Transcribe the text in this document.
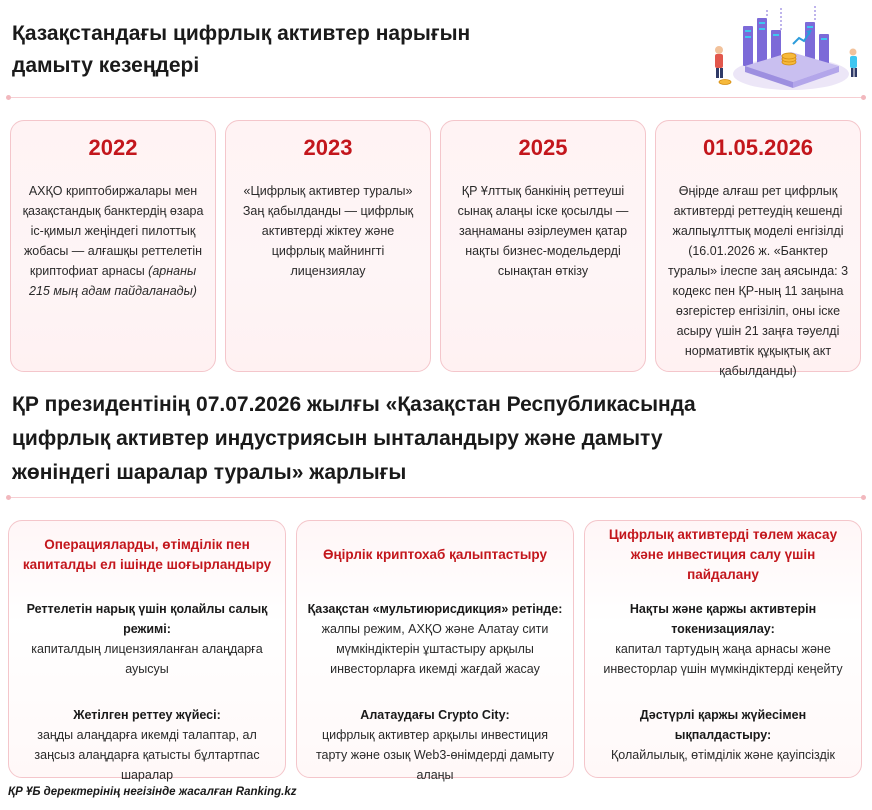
Қазақстандағы цифрлық активтер нарығын
дамыту кезеңдері
2022
АХҚО криптобиржалары мен қазақстандық банктердің өзара іс-қимыл жеңіндегі пилоттық жобасы — алғашқы реттелетін криптофиат арнасы (арнаны 215 мың адам пайдаланады)
2023
«Цифрлық активтер туралы» Заң қабылданды — цифрлық активтерді жіктеу және цифрлық майнингті лицензиялау
2025
ҚР Ұлттық банкінің реттеуші сынақ алаңы іске қосылды — заңнаманы әзірлеумен қатар нақты бизнес-модельдерді сынақтан өткізу
01.05.2026
Өңірде алғаш рет цифрлық активтерді реттеудің кешенді жалпыұлттық моделі енгізілді (16.01.2026 ж. «Банктер туралы» ілеспе заң аясында: 3 кодекс пен ҚР-ның 11 заңына өзгерістер енгізіліп, оны іске асыру үшін 21 заңға тәуелді нормативтік құқықтық акт қабылданды)
ҚР президентінің 07.07.2026 жылғы «Қазақстан Республикасында
цифрлық активтер индустриясын ынталандыру және дамыту
жөніндегі шаралар туралы» жарлығы
Операцияларды, өтімділік пен капиталды ел ішінде шоғырландыру
Реттелетін нарық үшін қолайлы салық режимі:
капиталдың лицензияланған алаңдарға ауысуы
Жетілген реттеу жүйесі:
заңды алаңдарға икемді талаптар, ал заңсыз алаңдарға қатысты бұлтартпас шаралар
Өңірлік криптохаб қалыптастыру
Қазақстан «мультиюрисдикция» ретінде:
жалпы режим, АХҚО және Алатау сити мүмкіндіктерін ұштастыру арқылы инвесторларға икемді жағдай жасау
Алатаудағы Crypto City:
цифрлық активтер арқылы инвестиция тарту және озық Web3-өнімдерді дамыту алаңы
Цифрлық активтерді төлем жасау және инвестиция салу үшін пайдалану
Нақты және қаржы активтерін токенизациялау:
капитал тартудың жаңа арнасы және инвесторлар үшін мүмкіндіктерді кеңейту
Дәстүрлі қаржы жүйесімен ықпалдастыру:
Қолайлылық, өтімділік және қауіпсіздік
ҚР ҰБ деректерінің негізінде жасалған Ranking.kz
